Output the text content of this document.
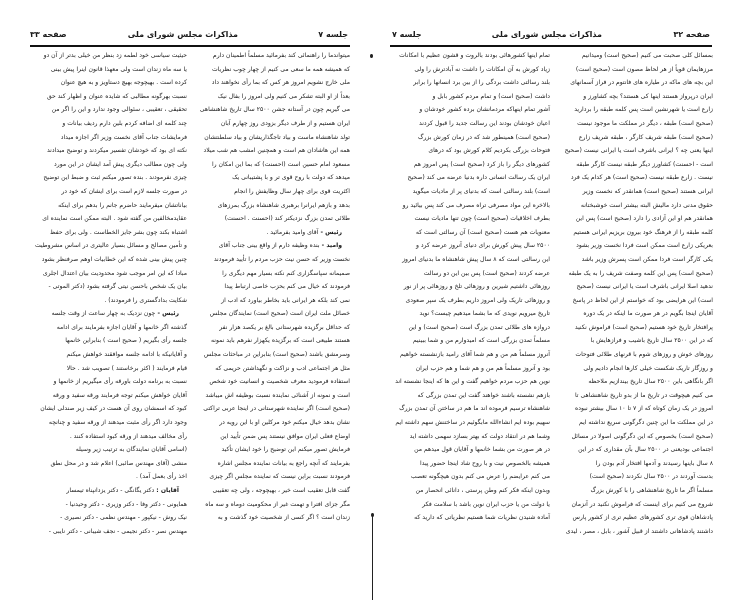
جلسه ۷
مذاکرات مجلس شورای ملی
صفحه ۳۳

میتواندما را راهنمائی کند بفرمائید مسلماً اطمینان دارم

که همیشه همه ما سعی می کنیم از چهار چوب نظریات

ملی خارج نشویم امروز هر کس که بما رأی نخواهند داد

بعداً از او البته تشکر می کنیم ولی امروز را بفال نیک

می گیریم چون در آستانه جشن ۲۵۰۰ سال تاریخ شاهنشاهی

ایران هستیم و از طرف دیگر بزودی روز چهارم آبان

تولد شاهنشاه ماست و بیاد تاجگذاریشان و بیاد سلطنتشان

همه این هاشادان هم است و همچنین امشب هم شب میلاد

مسعود امام حسین است (احسنت) که بما این امکان را

میدهد که دولت با روح قوی تر و با پشتیبانی یک

اکثریت قوی برای چهار سال وظایفش را انجام

بدهد و بازهم ایرانرا برهبری شاهنشاه بزرگ بمرزهای

طلائی تمدن بزرگ نزدیکتر کند (احسنت . احسنت)

رئیس - آقای وامید بفرمائید .

وامید - بنده وظیفه دارم از واقع بینی جناب آقای

نخست وزیر که حسن نیت حزب مردم را تأیید فرمودند

صمیمانه سپاسگزاری کنم نکته بسیار مهم دیگری را

فرمودند که خیال می کنم بحزب خاصی ارتباط پیدا

نمی کند بلکه هر ایرانی باید بخاطر بیاورد که ادب از

خصائل ملت ایران است (صحیح است) نمایندگان مجلس

که حداقل برگزیده شهرستانی بالغ بر یکصد هزار نفر

هستند طبیعی است که برگزیده یکهزار نفرهم باید نمونه

وسرمشق باشند (صحیح است) بنابراین در مباحثات مجلس

مثل هر اجتماعی ادب و نزاکت و نگهداشتن حریمی که

استفاده فرمودید معرف شخصیت و انسانیت خود شخص

است و نمونه از آشنائی نماینده نسبت بوظیفه اش میباشد

(صحیح است) اگر نماینده شهرستانی در اینجا عربی تراکتی

نشان بدهد خیال میکنم خود مرکلین او با این رویه در

اوضاع فعلی ایران موافق نیستند پس ضمن تأیید این

فرمایش تصور میکنم این توضیح را خود ایشان تأکید

بفرمایند که آنچه راجع به بیانات نماینده مجلس اشاره

فرمودند نسبت براین نیست که نماینده مجلس اگر چیزی

گفت قابل تعقیب است خیر ، بهیچوجه ، ولی چه تعقیبی

مگر جزای افترا و تهمت غیر از محکومیت دوماه و سه ماه

زندان است ؟ اگر کسی از شخصیت خود گذشت و به

حیثیت سیاسی خود لطمه زد بنظر من خیلی بدتر از آن دو

یا سه ماه زندان است ولی معهذا قانون اینرا پیش بینی

کرده است . بهیچوجه بهیچ دستاویز و به هیچ عنوان

نسبت بهرگونه مطالبی که شایده عنوان و اظهار کند حق

تحقیقی ، تعقیبی ، سئوالی وجود ندارد و این را اگر من

چند کلمه ای اضافه کردم بلین دارم ردیف بیانات و

فرمایشات جناب آقای نخست وزیر اگر اجازه میداد

نکته ای بود که خودشان تفسیر میکردند و توضیح میدادند

ولی چون مطالب دیگری پیش آمد ایشان در این مورد

چیزی نفرمودند . بنده تصور میکنم ثبت و ضبط این توضیح

در صورت جلسه لازم است برای ایشان که خود در

بیاناتشان میفرمایند حاضرم جانم را بدهم برای اینکه

عقایدمخالفین من گفته شود . البته ممکن است نماینده ای

اشتباه بکند چون بشر جایز الخطاست . ولی برای حفظ

و تأمین مصالح و مسائل بسیار عالیتری در اساس مشروطیت

چنین پیش بینی شده که این خطابیات اوهم صرفنظر بشود

مبادا که این امر موجب شود محدودیت بیان اعتدال اجلری

بیان یک شخص باحسن نیتی گرفته بشود (دکتر الموتی -

شکایت بدادگستری را فرمودند) .

رئیس - چون نزدیک به چهار ساعت از وقت جلسه

گذشته اگر خانمها و آقایان اجازه بفرمایند برای ادامه

جلسه رأی بگیریم ( صحیح است ) بنابراین خانمها

و آقایانیکه با ادامه جلسه موافقند خواهش میکنم

قیام فرمایند ( اکثر برخاستند ) تصویب شد . حالا

نسبت به برنامه دولت باورقه رأی میگیریم از خانمها و

آقایان خواهش میکنم توجه فرمایند ورقه سفید و ورقه

کبود که اسمشان روی آن هست در کیف زیر صندلی ایشان

وجود دارد اگر رأی مثبت میدهند از ورقه سفید و چنانچه

رأی مخالف میدهند از ورقه کبود استفاده کنند .

(اسامی آقایان نمایندگان به ترتیب زیر وسیله

منشی (آقای مهندس صائبی) اعلام شد و در محل نطق

اخذ رأی بعمل آمد) .

آقایان : دکتر یگانگی - دکتر یزدانپناه تیمسار

همایونی - دکتر وفا - دکتر وزیری - دکتر وحیدنیا -

نیک روش - نیکپور - مهندس نظمی - دکتر نصیری -

مهندس نصر - دکتر نجیمی - نجف شیبانی - دکتر نایبی -

صفحه ۳۲
مذاکرات مجلس شورای ملی
جلسه ۷

بمسائل کلی صحبت می کنیم (صحیح است) ومیدانیم

مرزهایمان قویاً از هر لحاظ مصون است (صحیح است)

این بچه های ماکه در طیاره های فانتوم در فراز آسمانهای

ایران درپرواز هستند اینها کی هستند؟ بچه کشاورز و

زارع است یا شهرنشین است پس کلمه طبقه را بردارید

(صحیح است) طبقه ، دیگر در مملکت ما موجود نیست

(صحیح است) طبقه شریف کارگر ، طبقه شریف زارع

اینها یعنی چه ؟ ایرانی باشرف است یا ایرانی نیست (صحیح

است - احسنت) کشاورز دیگر طبقه نیست کارگر طبقه

نیست . زارع طبقه نیست (صحیح است) هر کدام یک فرد

ایرانی هستند (صحیح است) همانقدر که نخست وزیر

حقوق مدنی دارد مالیش البته بیشتر است خوشبختانه

همانقدر هم او این آزادی را دارد (صحیح است) پس این

کلمه طبقه را از فرهنگ خود بیرون بریزیم ایرانی هستیم

بعریکی زارع است ممکن است فردا نخست وزیر بشود

یکی کارگر است فردا ممکن است پسرش وزیر باشد

(صحیح است) پس این کلمه وصفت شریف را به یک طبقه

ندهید اصلا ایرانی باشرف است یا ایرانی نیست (صحیح

است) این هرایضی بود که خواستم از این لحاظ در پاسخ

آقایان اینجا بگویم در هر صورت ما اینکه در یک دوره

پرافتخار تاریخ خود هستیم (صحیح است) فراموش نکنید

که در این ۲۵۰۰ سال تاریخ باشیب و فرازهایش با

روزهای خوش و روزهای شوم با قرنهای طلائی فتوحات

و روزگار تاریک شکست خیلی کارها انجام دادیم ولی

اگر بانگاهی باین ۲۵۰۰ سال تاریخ بیندازیم ملاحظه

می کنیم هیچوقت در تاریخ ما از بدو تاریخ شاهنشاهی تا

امروز در یک زمان کوتاه که از ۷ تا ۱۰ سال بیشتر نبوده

در این مملکت ما این چنین دگرگونی سریع نداشته ایم

(صحیح است) بخصوص که این دگرگونی اصولا در مسائل

اجتماعی بودیعنی در ۲۵۰۰ سال بآن مقداری که در این

۸ سال باینها رسیدند و آدمها افتخار آدم بودن را

بدست آوردند در ۲۵۰۰ سال نکردند (صحیح است)

مسلماً اگر ما تاریخ شاهنشاهی را با کورش بزرگ

شروع می کنیم برای اینست که فراموش نکنید در آنزمان

پادشاهان قوی تری کشورهای عظیم تری از کشور پارس

داشتند پادشاهانی داشتند از قبیل آشور ، بابل ، مصر ، لیدی

تمام اینها کشورهائی بودند بالروت و قشون عظیم با امکانات

زیاد کورش به آن امکانات را داشت نه آبادترش را ولی

بلند رسالتی داشت بردگی را از بین برد انسانها را برابر

داشت (صحیح است) و تمام مردم کشور بابل و

آشور تمام اینهاکه مردمانشان برده کشور خودشان و

اعیان خودشان بودند این رسالت جدید را قبول کردند

(صحیح است) همینطور شد که در زمان کورش بزرگ

فتوحات بزرگی بکردیم کلام کورش بود که درهای

کشورهای دیگر را باز کرد (صحیح است) پس امروز هم

ایران یک رسالت انسانی داره بدنیا عرضه می کند (صحیح

است) بلند رسالتی است که بدنیای پر از مادیات میگوید

بالاخره این مواد مصرفی تراه مصرف می کند پس بیائید رو

بطرف اخلاقیات (صحیح است) چون تنها مادیات نیست

معنویات هم هست (صحیح است) آن رسالتی است که

۲۵۰۰ سال پیش کورش برای دنیای آنروز عرضه کرد و

این رسالتی است که ۸ سال پیش شاهنشاه ما بدنیای امروز

عرضه کردند (صحیح است) پس بین این دو رسالت

روزهائی داشتیم شیرین و روزهائی تلخ و روزهائی پر از نور

و روزهائی تاریک ولی امروز داریم بطرف یک سپر صعودی

تاریخ میرویم نویدی که ما بشما میدهیم چیست؟ نوید

دروازه های طلائی تمدن بزرگ است (صحیح است) و این

مسلماً تمدن بزرگی است که امیدوارم من و شما ببینیم

آنروز مسلماً هم من و هم شما آقای رامید بازنشسته خواهیم

بود و آنروز مسلماً هم من و هم شما و هم حزب ایران

نوین هم حزب مردم خواهیم گفت و این ها که اینجا نشسته اند

بازهم نشسته باشند خواهند گفت این تمدن بزرگی که

شاهنشاه ترسیم فرموده اند ما هم در ساختن آن تمدن بزرگ

سهیم بوده ایم انشاءالله مابگوئیم در ساختنش سهم داشته ایم

وشما هم در انتقاد دولت که بهتر بسازد سهمی داشته اید

در هر صورت من بشما خانمها و آقایان قول میدهم من

همیشه بالخصوص نیت و با روح شاد اینجا حضور پیدا

می کنم عرایضم را عرض می کنم بدون هیچگونه تعصب

وبدون اینکه فکر کنم وطن پرستی ، دانائی انحصار من

یا دولت من یا حزب ایران نوین باشد با سلامت فکر

آماده شنیدن نظریات شما هستیم نظریاتی که دارید که
